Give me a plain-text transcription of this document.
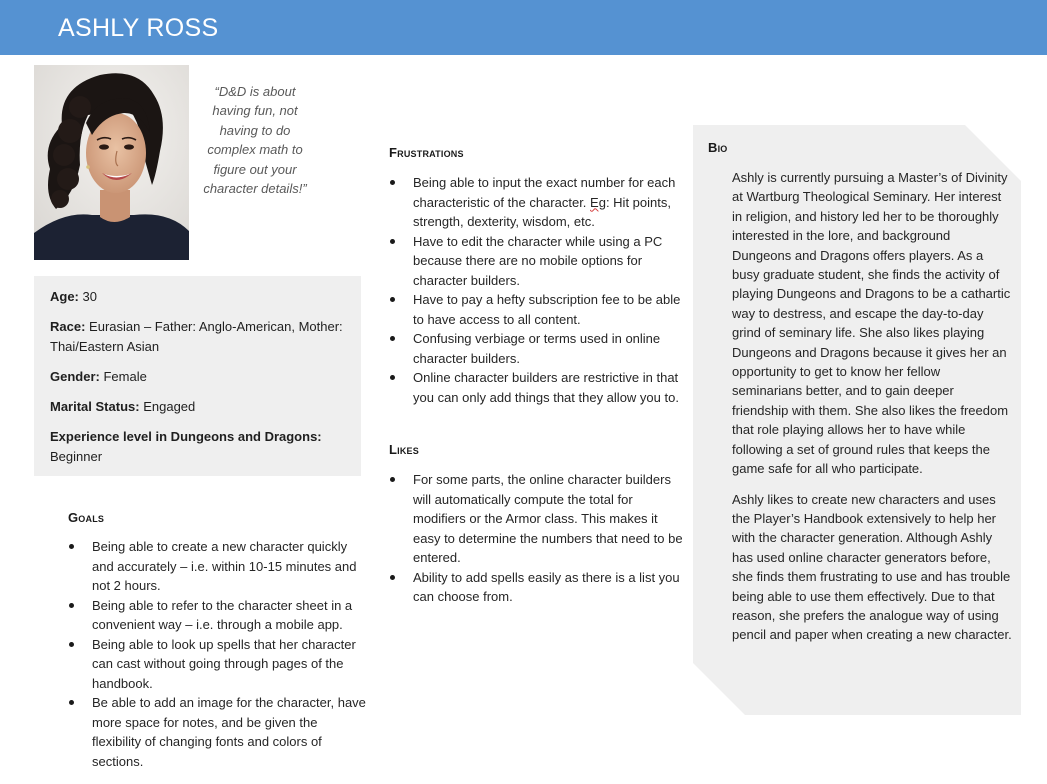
ASHLY ROSS
“D&D is about having fun, not having to do complex math to figure out your character details!”
Age: 30
Race: Eurasian – Father: Anglo-American, Mother: Thai/Eastern Asian
Gender: Female
Marital Status: Engaged
Experience level in Dungeons and Dragons:
Beginner
Goals
Being able to create a new character quickly and accurately – i.e. within 10-15 minutes and not 2 hours.
Being able to refer to the character sheet in a convenient way – i.e. through a mobile app.
Being able to look up spells that her character can cast without going through pages of the handbook.
Be able to add an image for the character, have more space for notes, and be given the flexibility of changing fonts and colors of sections.
Frustrations
Being able to input the exact number for each characteristic of the character. Eg: Hit points, strength, dexterity, wisdom, etc.
Have to edit the character while using a PC because there are no mobile options for character builders.
Have to pay a hefty subscription fee to be able to have access to all content.
Confusing verbiage or terms used in online character builders.
Online character builders are restrictive in that you can only add things that they allow you to.
Likes
For some parts, the online character builders will automatically compute the total for modifiers or the Armor class. This makes it easy to determine the numbers that need to be entered.
Ability to add spells easily as there is a list you can choose from.
Bio

Ashly is currently pursuing a Master’s of Divinity at Wartburg Theological Seminary. Her interest in religion, and history led her to be thoroughly interested in the lore, and background Dungeons and Dragons offers players. As a busy graduate student, she finds the activity of playing Dungeons and Dragons to be a cathartic way to destress, and escape the day-to-day grind of seminary life. She also likes playing Dungeons and Dragons because it gives her an opportunity to get to know her fellow seminarians better, and to gain deeper friendship with them. She also likes the freedom that role playing allows her to have while following a set of ground rules that keeps the game safe for all who participate.

Ashly likes to create new characters and uses the Player’s Handbook extensively to help her with the character generation. Although Ashly has used online character generators before, she finds them frustrating to use and has trouble being able to use them effectively. Due to that reason, she prefers the analogue way of using pencil and paper when creating a new character.
